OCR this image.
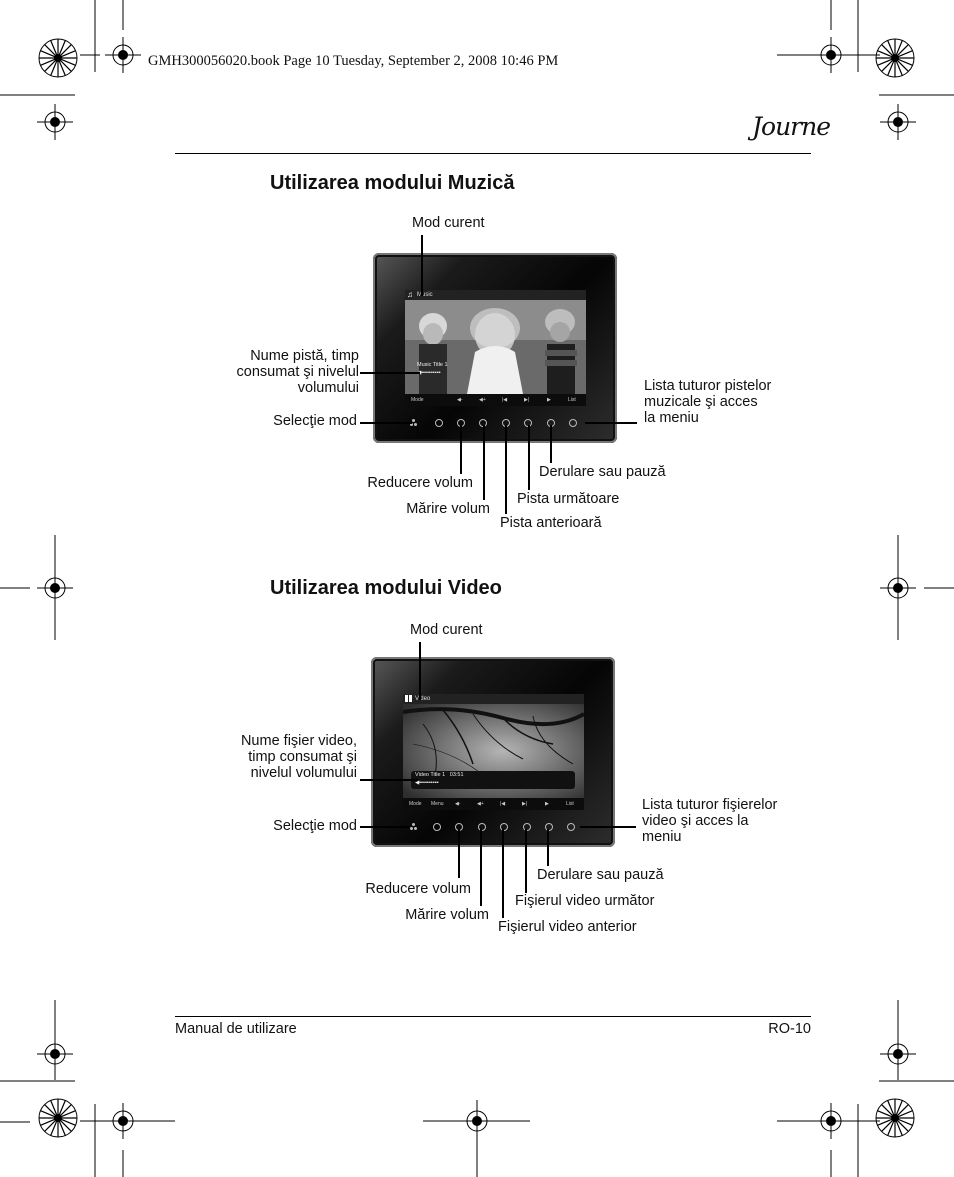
GMH300056020.book Page 10 Tuesday, September 2, 2008 10:46 PM
Journe
Utilizarea modului Muzică
Mod curent
♫ Music
Music Title 1
◀▪▪▪▪▪▪▪▪▪▪
Mode	◀-	◀+	|◀	▶|	▶	List
Nume pistă, timp
consumat şi nivelul
volumului
Selecţie mod
Lista tuturor pistelor
muzicale şi acces
la meniu
Reducere volum
Mărire volum
Pista anterioară
Pista următoare
Derulare sau pauză
Utilizarea modului Video
Mod curent
Video
Video Title 1 03:51
◀▪▪▪▪▪▪▪▪▪▪
Mode Menu ◀-	◀+	|◀	▶|	▶	List
Nume fişier video,
timp consumat şi
nivelul volumului
Selecţie mod
Lista tuturor fişierelor
video şi acces la
meniu
Reducere volum
Mărire volum
Fişierul video anterior
Fişierul video următor
Derulare sau pauză
Manual de utilizare	RO-10
